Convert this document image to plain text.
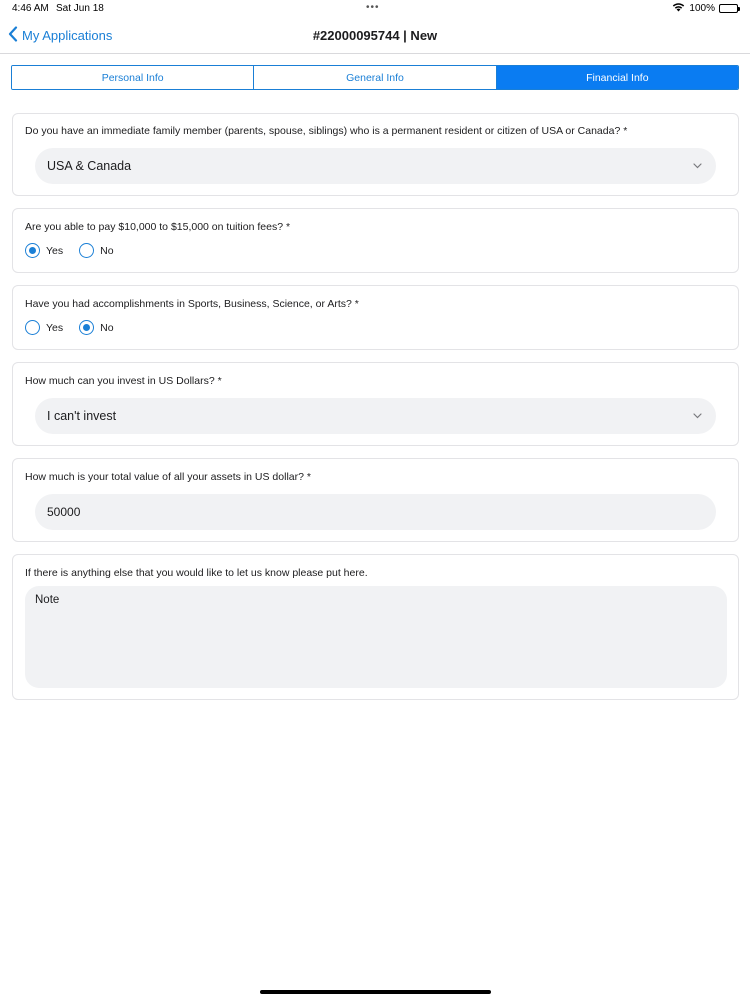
4:46 AM Sat Jun 18	•••	100%
My Applications	#22000095744 | New
Personal Info	General Info	Financial Info
Do you have an immediate family member (parents, spouse, siblings) who is a permanent resident or citizen of USA or Canada? *
USA & Canada
Are you able to pay $10,000 to $15,000 on tuition fees? *
Yes	No
Have you had accomplishments in Sports, Business, Science, or Arts? *
Yes	No
How much can you invest in US Dollars? *
I can't invest
How much is your total value of all your assets in US dollar? *
50000
If there is anything else that you would like to let us know please put here.
Note
